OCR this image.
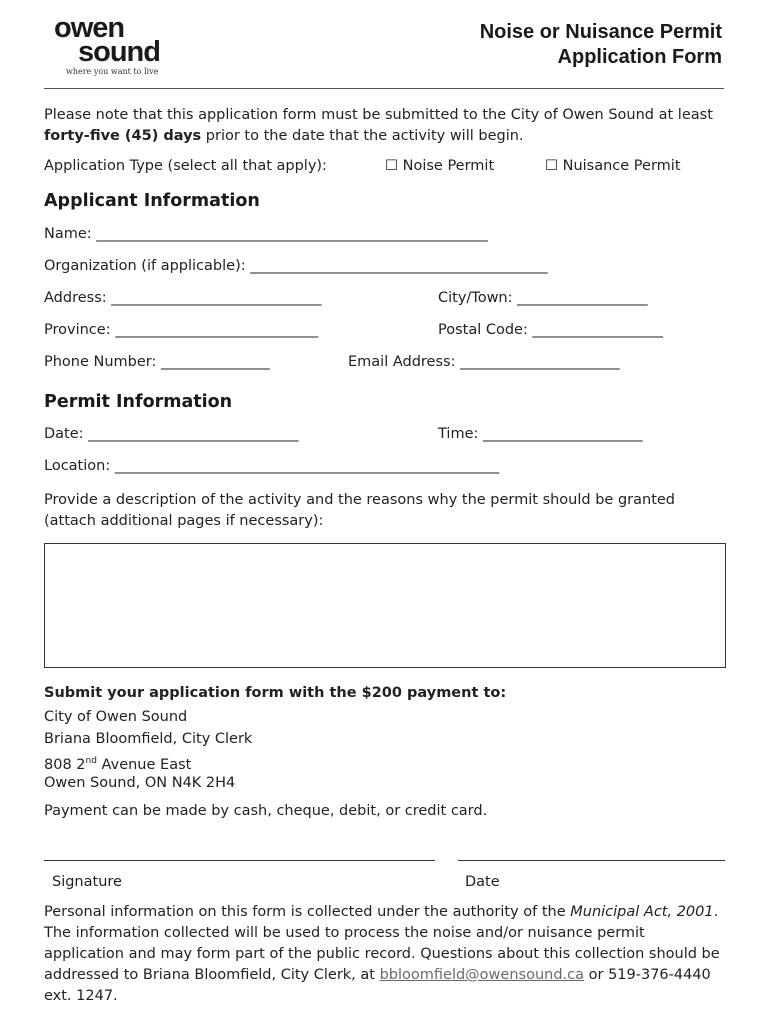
owen
sound
where you want to live
Noise or Nuisance Permit
Application Form
Please note that this application form must be submitted to the City of Owen Sound at least forty-five (45) days prior to the date that the activity will begin.
Application Type (select all that apply):	☐ Noise Permit	☐ Nuisance Permit
Applicant Information
Name: ______________________________________________________
Organization (if applicable): _________________________________________
Address: _____________________________	City/Town: __________________
Province: ____________________________	Postal Code: __________________
Phone Number: _______________	Email Address: ______________________
Permit Information
Date: _____________________________	Time: ______________________
Location: _____________________________________________________
Provide a description of the activity and the reasons why the permit should be granted (attach additional pages if necessary):
Submit your application form with the $200 payment to:
City of Owen Sound
Briana Bloomfield, City Clerk
808 2nd Avenue East
Owen Sound, ON N4K 2H4
Payment can be made by cash, cheque, debit, or credit card.
Signature	Date
Personal information on this form is collected under the authority of the Municipal Act, 2001. The information collected will be used to process the noise and/or nuisance permit application and may form part of the public record. Questions about this collection should be addressed to Briana Bloomfield, City Clerk, at bbloomfield@owensound.ca or 519-376-4440 ext. 1247.
